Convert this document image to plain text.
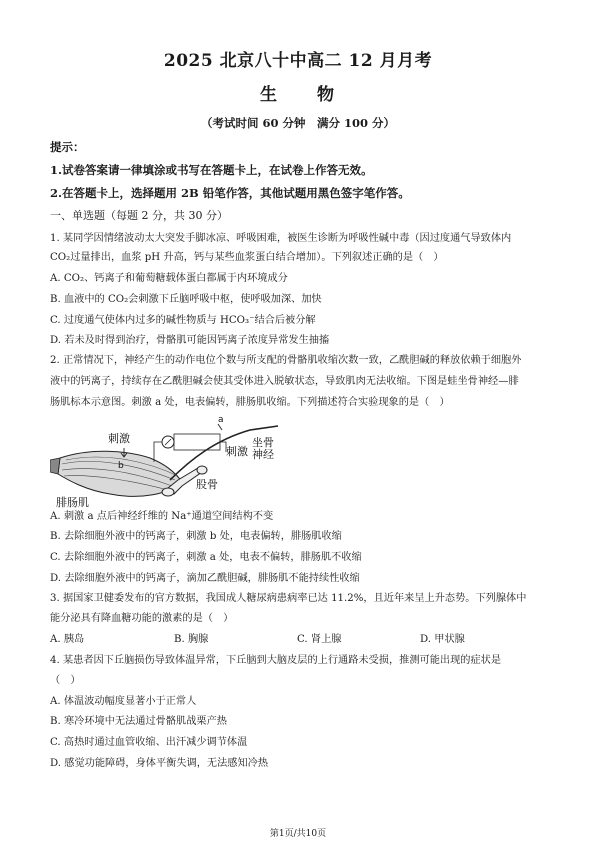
2025 北京八十中高二 12 月月考
生　　物
（考试时间 60 分钟　满分 100 分）
提示：
1.试卷答案请一律填涂或书写在答题卡上，在试卷上作答无效。
2.在答题卡上，选择题用 2B 铅笔作答，其他试题用黑色签字笔作答。
一、单选题（每题 2 分，共 30 分）
1. 某同学因情绪波动太大突发手脚冰凉、呼吸困难，被医生诊断为呼吸性碱中毒（因过度通气导致体内
CO₂过量排出，血浆 pH 升高，钙与某些血浆蛋白结合增加）。下列叙述正确的是（　）
A. CO₂、钙离子和葡萄糖载体蛋白都属于内环境成分
B. 血液中的 CO₂会刺激下丘脑呼吸中枢，使呼吸加深、加快
C. 过度通气使体内过多的碱性物质与 HCO₃⁻结合后被分解
D. 若未及时得到治疗，骨骼肌可能因钙离子浓度异常发生抽搐
2. 正常情况下，神经产生的动作电位个数与所支配的骨骼肌收缩次数一致，乙酰胆碱的释放依赖于细胞外
液中的钙离子，持续存在乙酰胆碱会使其受体进入脱敏状态，导致肌肉无法收缩。下图是蛙坐骨神经—腓
肠肌标本示意图。刺激 a 处，电表偏转，腓肠肌收缩。下列描述符合实验现象的是（　）
刺激
b
a
刺激
坐骨
神经
腓肠肌
股骨
A. 刺激 a 点后神经纤维的 Na⁺通道空间结构不变
B. 去除细胞外液中的钙离子，刺激 b 处，电表偏转，腓肠肌收缩
C. 去除细胞外液中的钙离子，刺激 a 处，电表不偏转，腓肠肌不收缩
D. 去除细胞外液中的钙离子，滴加乙酰胆碱，腓肠肌不能持续性收缩
3. 据国家卫健委发布的官方数据，我国成人糖尿病患病率已达 11.2%，且近年来呈上升态势。下列腺体中
能分泌具有降血糖功能的激素的是（　）
A. 胰岛	B. 胸腺	C. 肾上腺	D. 甲状腺
4. 某患者因下丘脑损伤导致体温异常，下丘脑到大脑皮层的上行通路未受损，推测可能出现的症状是
（　）
A. 体温波动幅度显著小于正常人
B. 寒冷环境中无法通过骨骼肌战栗产热
C. 高热时通过血管收缩、出汗减少调节体温
D. 感觉功能障碍，身体平衡失调，无法感知冷热
第1页/共10页
